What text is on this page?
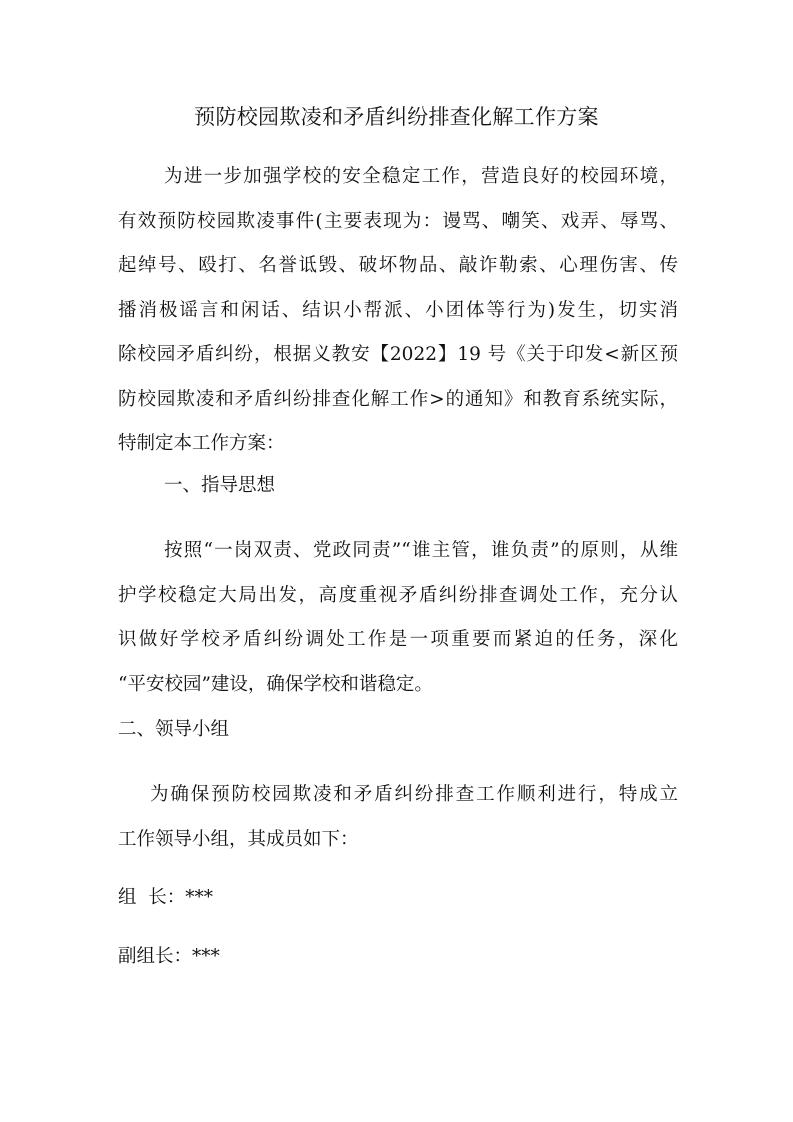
预防校园欺凌和矛盾纠纷排查化解工作方案
为进一步加强学校的安全稳定工作，营造良好的校园环境，
有效预防校园欺凌事件(主要表现为：谩骂、嘲笑、戏弄、辱骂、
起绰号、殴打、名誉诋毁、破坏物品、敲诈勒索、心理伤害、传
播消极谣言和闲话、结识小帮派、小团体等行为)发生，切实消
除校园矛盾纠纷，根据义教安【2022】19 号《关于印发<新区预
防校园欺凌和矛盾纠纷排查化解工作>的通知》和教育系统实际，
特制定本工作方案：
一、指导思想
按照“一岗双责、党政同责”“谁主管，谁负责”的原则，从维
护学校稳定大局出发，高度重视矛盾纠纷排查调处工作，充分认
识做好学校矛盾纠纷调处工作是一项重要而紧迫的任务，深化
“平安校园”建设，确保学校和谐稳定。
二、领导小组
为确保预防校园欺凌和矛盾纠纷排查工作顺利进行，特成立
工作领导小组，其成员如下：
组  长：***
副组长：***
